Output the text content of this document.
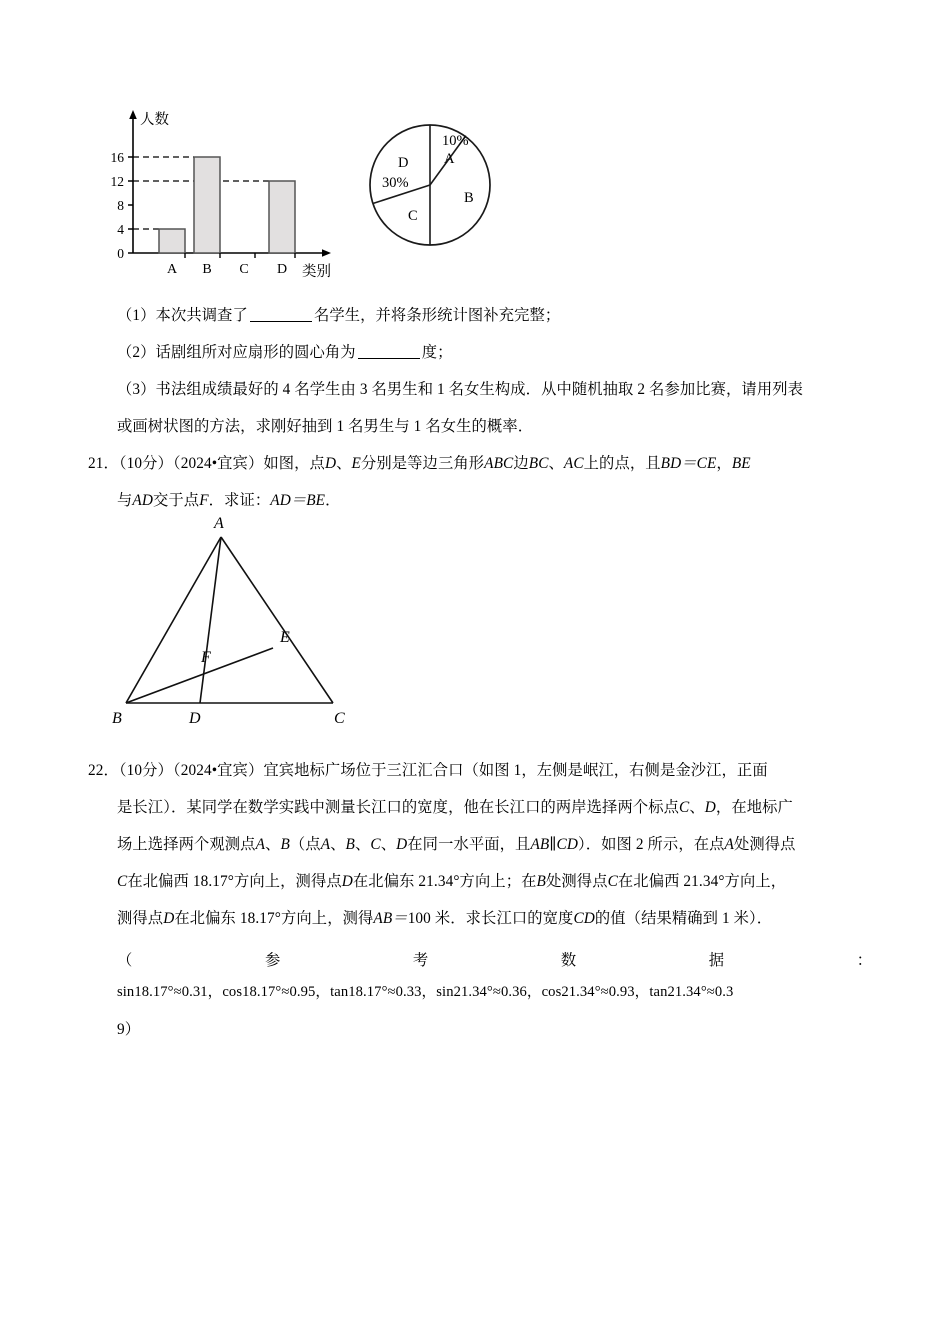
0
4
8
12
16
人数
A B C D 类别
10%
A
B
C
D
30%
（1）本次共调查了	名学生，并将条形统计图补充完整；
（2）话剧组所对应扇形的圆心角为	度；
（3）书法组成绩最好的 4 名学生由 3 名男生和 1 名女生构成．从中随机抽取 2 名参加比赛，请用列表
或画树状图的方法，求刚好抽到 1 名男生与 1 名女生的概率．
21．（10分）（2024•宜宾）如图，点D、E分别是等边三角形ABC边BC、AC上的点，且BD＝CE，BE
与AD交于点F．求证：AD＝BE．
A
B	C
D
E
F
22．（10分）（2024•宜宾）宜宾地标广场位于三江汇合口（如图 1，左侧是岷江，右侧是金沙江，正面
是长江）．某同学在数学实践中测量长江口的宽度，他在长江口的两岸选择两个标点C、D，在地标广
场上选择两个观测点A、B（点A、B、C、D在同一水平面，且AB∥CD）．如图 2 所示，在点A处测得点
C在北偏西 18.17°方向上，测得点D在北偏东 21.34°方向上；在B处测得点C在北偏西 21.34°方向上，
测得点D在北偏东 18.17°方向上，测得AB＝100 米．求长江口的宽度CD的值（结果精确到 1 米）．
（	参	考	数	据	：
sin18.17°≈0.31，cos18.17°≈0.95，tan18.17°≈0.33，sin21.34°≈0.36，cos21.34°≈0.93，tan21.34°≈0.3
9）
